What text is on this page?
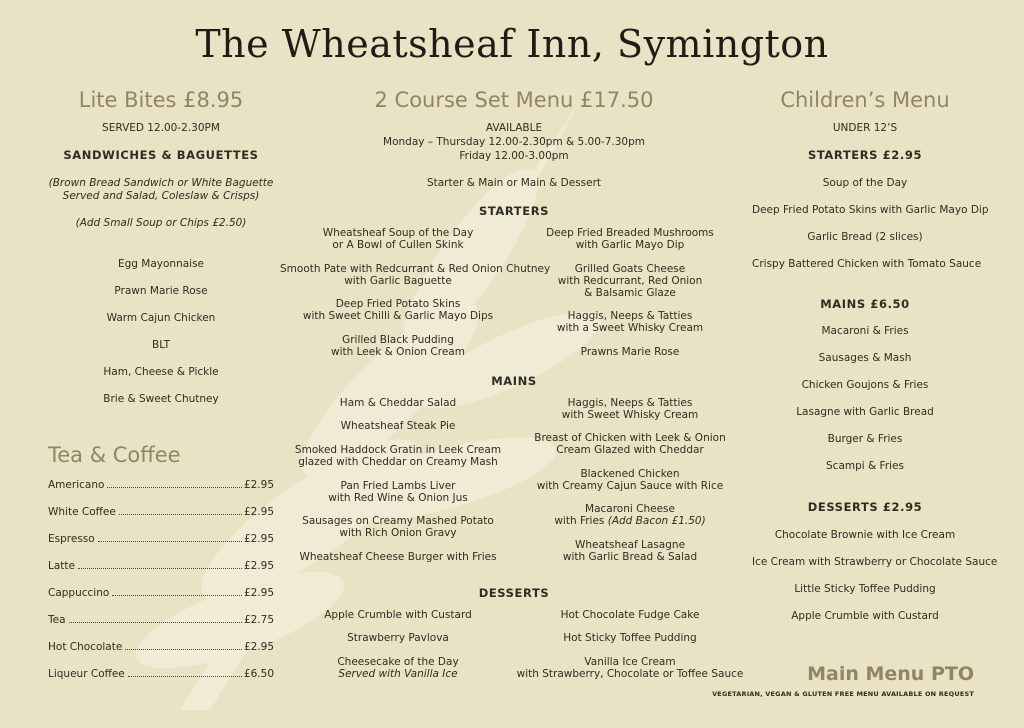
The Wheatsheaf Inn, Symington
Lite Bites £8.95
SERVED 12.00-2.30PM
SANDWICHES & BAGUETTES
(Brown Bread Sandwich or White Baguette
Served and Salad, Coleslaw & Crisps)
(Add Small Soup or Chips £2.50)
Egg Mayonnaise
Prawn Marie Rose
Warm Cajun Chicken
BLT
Ham, Cheese & Pickle
Brie & Sweet Chutney
Tea & Coffee
Americano	£2.95
White Coffee	£2.95
Espresso	£2.95
Latte	£2.95
Cappuccino	£2.95
Tea	£2.75
Hot Chocolate	£2.95
Liqueur Coffee	£6.50
2 Course Set Menu £17.50
AVAILABLE
Monday – Thursday 12.00-2.30pm & 5.00-7.30pm
Friday 12.00-3.00pm
Starter & Main or Main & Dessert
STARTERS
Wheatsheaf Soup of the Day
or A Bowl of Cullen Skink
Smooth Pate with Redcurrant & Red Onion Chutney
with Garlic Baguette
Deep Fried Potato Skins
with Sweet Chilli & Garlic Mayo Dips
Grilled Black Pudding
with Leek & Onion Cream
Deep Fried Breaded Mushrooms
with Garlic Mayo Dip
Grilled Goats Cheese
with Redcurrant, Red Onion
& Balsamic Glaze
Haggis, Neeps & Tatties
with a Sweet Whisky Cream
Prawns Marie Rose
MAINS
Ham & Cheddar Salad
Wheatsheaf Steak Pie
Smoked Haddock Gratin in Leek Cream
glazed with Cheddar on Creamy Mash
Pan Fried Lambs Liver
with Red Wine & Onion Jus
Sausages on Creamy Mashed Potato
with Rich Onion Gravy
Wheatsheaf Cheese Burger with Fries
Haggis, Neeps & Tatties
with Sweet Whisky Cream
Breast of Chicken with Leek & Onion
Cream Glazed with Cheddar
Blackened Chicken
with Creamy Cajun Sauce with Rice
Macaroni Cheese
with Fries (Add Bacon £1.50)
Wheatsheaf Lasagne
with Garlic Bread & Salad
DESSERTS
Apple Crumble with Custard
Strawberry Pavlova
Cheesecake of the Day
Served with Vanilla Ice
Hot Chocolate Fudge Cake
Hot Sticky Toffee Pudding
Vanilla Ice Cream
with Strawberry, Chocolate or Toffee Sauce
Children’s Menu
UNDER 12’S
STARTERS £2.95
Soup of the Day
Deep Fried Potato Skins with Garlic Mayo Dip
Garlic Bread (2 slices)
Crispy Battered Chicken with Tomato Sauce
MAINS £6.50
Macaroni & Fries
Sausages & Mash
Chicken Goujons & Fries
Lasagne with Garlic Bread
Burger & Fries
Scampi & Fries
DESSERTS £2.95
Chocolate Brownie with Ice Cream
Ice Cream with Strawberry or Chocolate Sauce
Little Sticky Toffee Pudding
Apple Crumble with Custard
Main Menu PTO
VEGETARIAN, VEGAN & GLUTEN FREE MENU AVAILABLE ON REQUEST
